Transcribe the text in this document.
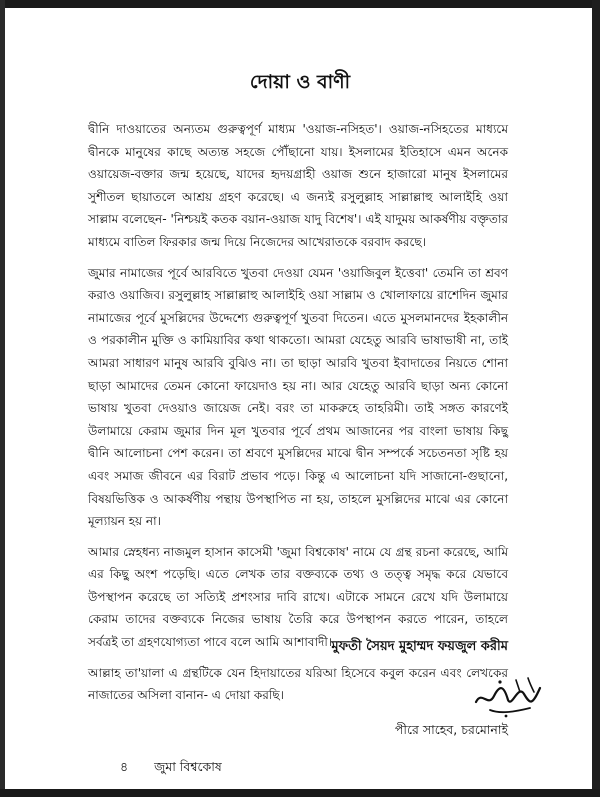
দোয়া ও বাণী

দ্বীনি দাওয়াতের অন্যতম গুরুত্বপূর্ণ মাধ্যম 'ওয়াজ-নসিহত'। ওয়াজ-নসিহতের মাধ্যমে দ্বীনকে মানুষের কাছে অত্যন্ত সহজে পৌঁছানো যায়। ইসলামের ইতিহাসে এমন অনেক ওয়ায়েজ-বক্তার জন্ম হয়েছে, যাদের হৃদয়গ্রাহী ওয়াজ শুনে হাজারো মানুষ ইসলামের সুশীতল ছায়াতলে আশ্রয় গ্রহণ করেছে। এ জন্যই রসুলুল্লাহ সাল্লাল্লাহু আলাইহি ওয়া সাল্লাম বলেছেন- 'নিশ্চয়ই কতক বয়ান-ওয়াজ যাদু বিশেষ'। এই যাদুময় আকর্ষণীয় বক্তৃতার মাধ্যমে বাতিল ফিরকার জন্ম দিয়ে নিজেদের আখেরাতকে বরবাদ করছে।

জুমার নামাজের পূর্বে আরবিতে খুতবা দেওয়া যেমন 'ওয়াজিবুল ইত্তেবা' তেমনি তা শ্রবণ করাও ওয়াজিব। রসুলুল্লাহ সাল্লাল্লাহু আলাইহি ওয়া সাল্লাম ও খোলাফায়ে রাশেদিন জুমার নামাজের পূর্বে মুসল্লিদের উদ্দেশ্যে গুরুত্বপূর্ণ খুতবা দিতেন। এতে মুসলমানদের ইহকালীন ও পরকালীন মুক্তি ও কামিয়াবির কথা থাকতো। আমরা যেহেতু আরবি ভাষাভাষী না, তাই আমরা সাধারণ মানুষ আরবি বুঝিও না। তা ছাড়া আরবি খুতবা ইবাদাতের নিয়তে শোনা ছাড়া আমাদের তেমন কোনো ফায়েদাও হয় না। আর যেহেতু আরবি ছাড়া অন্য কোনো ভাষায় খুতবা দেওয়াও জায়েজ নেই। বরং তা মাকরুহে তাহরিমী। তাই সঙ্গত কারণেই উলামায়ে কেরাম জুমার দিন মূল খুতবার পূর্বে প্রথম আজানের পর বাংলা ভাষায় কিছু দ্বীনি আলোচনা পেশ করেন। তা শ্রবণে মুসল্লিদের মাঝে দ্বীন সম্পর্কে সচেতনতা সৃষ্টি হয় এবং সমাজ জীবনে এর বিরাট প্রভাব পড়ে। কিন্তু এ আলোচনা যদি সাজানো-গুছানো, বিষয়ভিত্তিক ও আকর্ষণীয় পন্থায় উপস্থাপিত না হয়, তাহলে মুসল্লিদের মাঝে এর কোনো মূল্যায়ন হয় না।

আমার স্নেহধন্য নাজমুল হাসান কাসেমী 'জুমা বিশ্বকোষ' নামে যে গ্রন্থ রচনা করেছে, আমি এর কিছু অংশ পড়েছি। এতে লেখক তার বক্তব্যকে তথ্য ও তত্ত্ব সমৃদ্ধ করে যেভাবে উপস্থাপন করেছে তা সত্যিই প্রশংসার দাবি রাখে। এটাকে সামনে রেখে যদি উলামায়ে কেরাম তাদের বক্তব্যকে নিজের ভাষায় তৈরি করে উপস্থাপন করতে পারেন, তাহলে সর্বত্রই তা গ্রহণযোগ্যতা পাবে বলে আমি আশাবাদী।

আল্লাহ তা'য়ালা এ গ্রন্থটিকে যেন হিদায়াতের যরিআ হিসেবে কবুল করেন এবং লেখকের নাজাতের অসিলা বানান- এ দোয়া করছি।

মুফতী সৈয়দ মুহাম্মদ ফয়জুল করীম

পীরে সাহেব, চরমোনাই

৪ জুমা বিশ্বকোষ
